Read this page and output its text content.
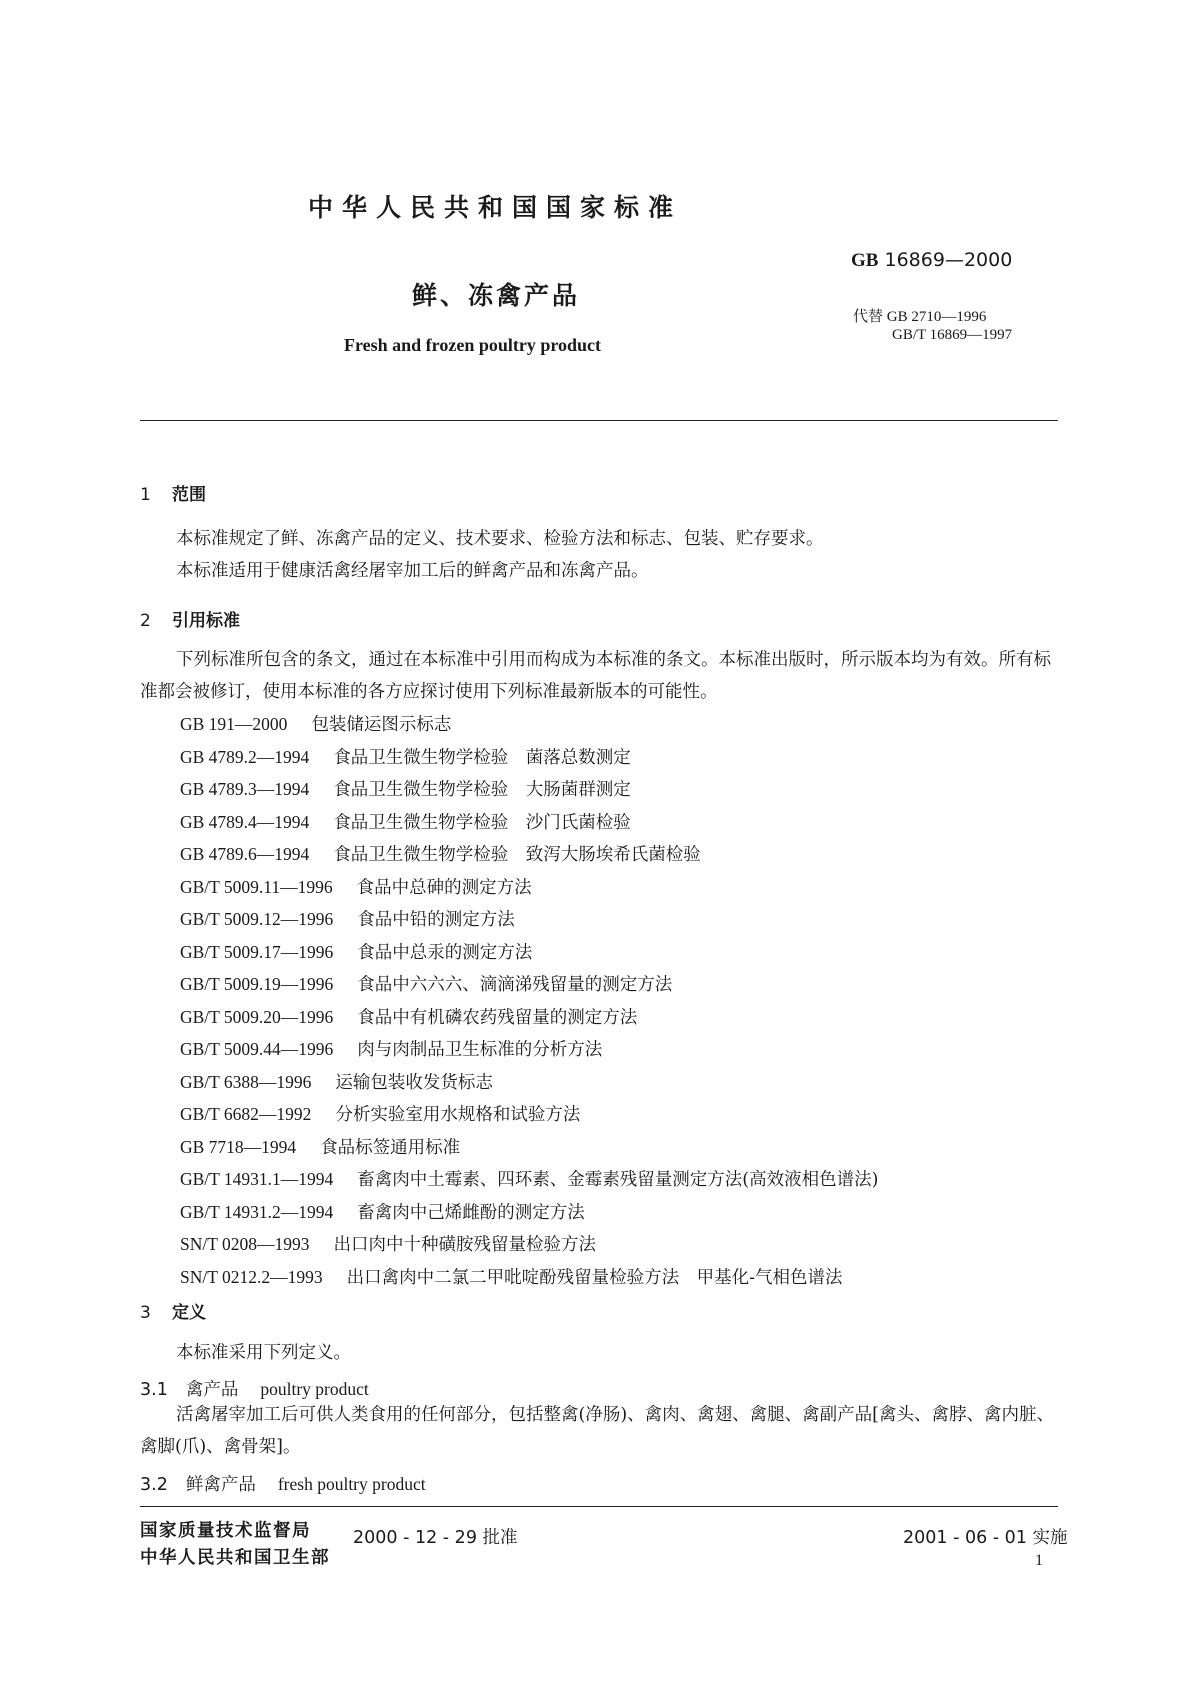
中华人民共和国国家标准
GB 16869—2000
鲜、冻禽产品
代替 GB 2710—1996
GB/T 16869—1997
Fresh and frozen poultry product
1 范围

本标准规定了鲜、冻禽产品的定义、技术要求、检验方法和标志、包装、贮存要求。

本标准适用于健康活禽经屠宰加工后的鲜禽产品和冻禽产品。

2 引用标准

下列标准所包含的条文，通过在本标准中引用而构成为本标准的条文。本标准出版时，所示版本均为有效。所有标准都会被修订，使用本标准的各方应探讨使用下列标准最新版本的可能性。

GB 191—2000 包装储运图示标志
GB 4789.2—1994 食品卫生微生物学检验　菌落总数测定
GB 4789.3—1994 食品卫生微生物学检验　大肠菌群测定
GB 4789.4—1994 食品卫生微生物学检验　沙门氏菌检验
GB 4789.6—1994 食品卫生微生物学检验　致泻大肠埃希氏菌检验
GB/T 5009.11—1996 食品中总砷的测定方法
GB/T 5009.12—1996 食品中铅的测定方法
GB/T 5009.17—1996 食品中总汞的测定方法
GB/T 5009.19—1996 食品中六六六、滴滴涕残留量的测定方法
GB/T 5009.20—1996 食品中有机磷农药残留量的测定方法
GB/T 5009.44—1996 肉与肉制品卫生标准的分析方法
GB/T 6388—1996 运输包装收发货标志
GB/T 6682—1992 分析实验室用水规格和试验方法
GB 7718—1994 食品标签通用标准
GB/T 14931.1—1994 畜禽肉中土霉素、四环素、金霉素残留量测定方法(高效液相色谱法)
GB/T 14931.2—1994 畜禽肉中己烯雌酚的测定方法
SN/T 0208—1993 出口肉中十种磺胺残留量检验方法
SN/T 0212.2—1993 出口禽肉中二氯二甲吡啶酚残留量检验方法　甲基化-气相色谱法
3 定义

本标准采用下列定义。

3.1 禽产品 poultry product

活禽屠宰加工后可供人类食用的任何部分，包括整禽(净肠)、禽肉、禽翅、禽腿、禽副产品[禽头、禽脖、禽内脏、禽脚(爪)、禽骨架]。

3.2 鲜禽产品 fresh poultry product
国家质量技术监督局
中华人民共和国卫生部
2000 - 12 - 29 批准	2001 - 06 - 01 实施
1
